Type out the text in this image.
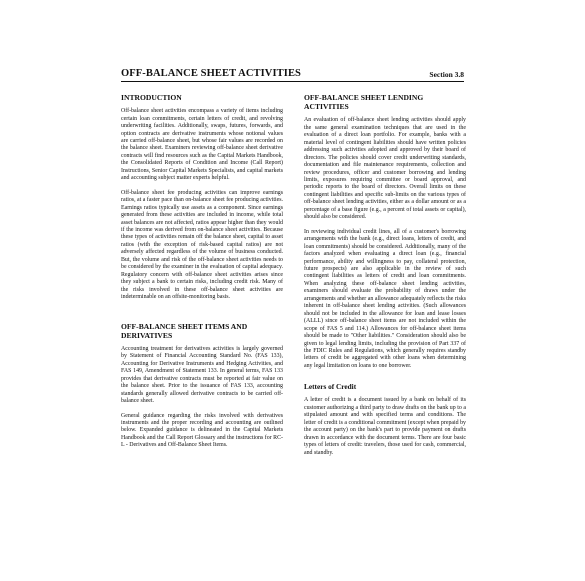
OFF-BALANCE SHEET ACTIVITIES	Section 3.8
INTRODUCTION

Off-balance sheet activities encompass a variety of items including certain loan commitments, certain letters of credit, and revolving underwriting facilities. Additionally, swaps, futures, forwards, and option contracts are derivative instruments whose notional values are carried off-balance sheet, but whose fair values are recorded on the balance sheet. Examiners reviewing off-balance sheet derivative contracts will find resources such as the Capital Markets Handbook, the Consolidated Reports of Condition and Income (Call Report) Instructions, Senior Capital Markets Specialists, and capital markets and accounting subject matter experts helpful.

Off-balance sheet fee producing activities can improve earnings ratios, at a faster pace than on-balance sheet fee producing activities. Earnings ratios typically use assets as a component. Since earnings generated from these activities are included in income, while total asset balances are not affected, ratios appear higher than they would if the income was derived from on-balance sheet activities. Because these types of activities remain off the balance sheet, capital to asset ratios (with the exception of risk-based capital ratios) are not adversely affected regardless of the volume of business conducted. But, the volume and risk of the off-balance sheet activities needs to be considered by the examiner in the evaluation of capital adequacy. Regulatory concern with off-balance sheet activities arises since they subject a bank to certain risks, including credit risk. Many of the risks involved in these off-balance sheet activities are indeterminable on an offsite-monitoring basis.

OFF-BALANCE SHEET ITEMS AND DERIVATIVES

Accounting treatment for derivatives activities is largely governed by Statement of Financial Accounting Standard No. (FAS 133), Accounting for Derivative Instruments and Hedging Activities, and FAS 149, Amendment of Statement 133. In general terms, FAS 133 provides that derivative contracts must be reported at fair value on the balance sheet. Prior to the issuance of FAS 133, accounting standards generally allowed derivative contracts to be carried off-balance sheet.

General guidance regarding the risks involved with derivatives instruments and the proper recording and accounting are outlined below. Expanded guidance is delineated in the Capital Markets Handbook and the Call Report Glossary and the instructions for RC-L - Derivatives and Off-Balance Sheet Items.

OFF-BALANCE SHEET LENDING ACTIVITIES

An evaluation of off-balance sheet lending activities should apply the same general examination techniques that are used in the evaluation of a direct loan portfolio. For example, banks with a material level of contingent liabilities should have written policies addressing such activities adopted and approved by their board of directors. The policies should cover credit underwriting standards, documentation and file maintenance requirements, collection and review procedures, officer and customer borrowing and lending limits, exposures requiring committee or board approval, and periodic reports to the board of directors. Overall limits on these contingent liabilities and specific sub-limits on the various types of off-balance sheet lending activities, either as a dollar amount or as a percentage of a base figure (e.g., a percent of total assets or capital), should also be considered.

In reviewing individual credit lines, all of a customer's borrowing arrangements with the bank (e.g., direct loans, letters of credit, and loan commitments) should be considered. Additionally, many of the factors analyzed when evaluating a direct loan (e.g., financial performance, ability and willingness to pay, collateral protection, future prospects) are also applicable in the review of such contingent liabilities as letters of credit and loan commitments. When analyzing these off-balance sheet lending activities, examiners should evaluate the probability of draws under the arrangements and whether an allowance adequately reflects the risks inherent in off-balance sheet lending activities. (Such allowances should not be included in the allowance for loan and lease losses (ALLL) since off-balance sheet items are not included within the scope of FAS 5 and 114.) Allowances for off-balance sheet items should be made to "Other liabilities." Consideration should also be given to legal lending limits, including the provision of Part 337 of the FDIC Rules and Regulations, which generally requires standby letters of credit be aggregated with other loans when determining any legal limitation on loans to one borrower.

Letters of Credit

A letter of credit is a document issued by a bank on behalf of its customer authorizing a third party to draw drafts on the bank up to a stipulated amount and with specified terms and conditions. The letter of credit is a conditional commitment (except when prepaid by the account party) on the bank's part to provide payment on drafts drawn in accordance with the document terms. There are four basic types of letters of credit: travelers, those used for cash, commercial, and standby.
